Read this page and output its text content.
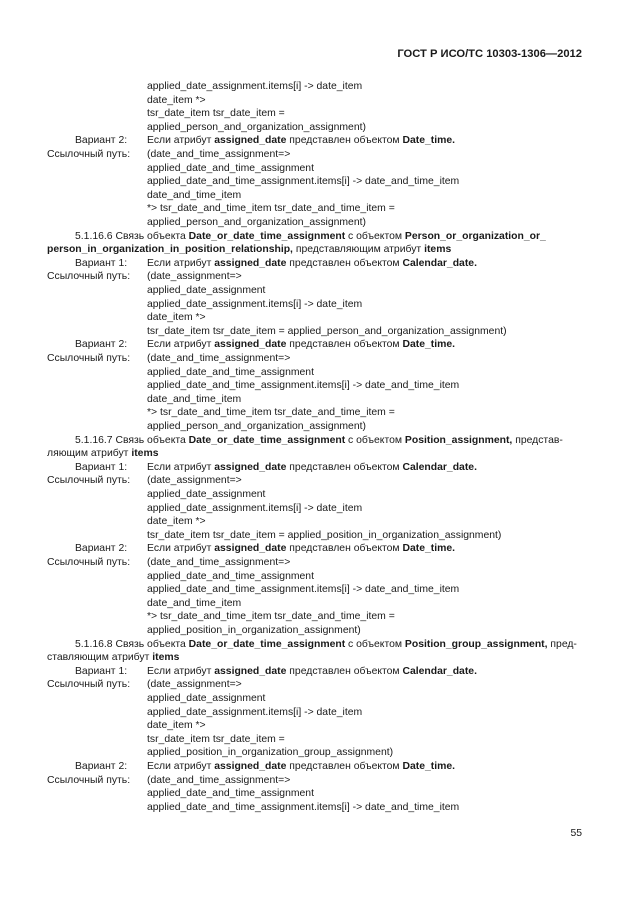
ГОСТ Р ИСО/ТС 10303-1306—2012
applied_date_assignment.items[i] -> date_item
date_item *>
tsr_date_item tsr_date_item =
applied_person_and_organization_assignment)
Вариант 2: Если атрибут assigned_date представлен объектом Date_time.
Ссылочный путь: (date_and_time_assignment=>
applied_date_and_time_assignment
applied_date_and_time_assignment.items[i] -> date_and_time_item
date_and_time_item
*> tsr_date_and_time_item tsr_date_and_time_item =
applied_person_and_organization_assignment)
5.1.16.6 Связь объекта Date_or_date_time_assignment с объектом Person_or_organization_or_
person_in_organization_in_position_relationship, представляющим атрибут items
Вариант 1: Если атрибут assigned_date представлен объектом Calendar_date.
Ссылочный путь: (date_assignment=>
applied_date_assignment
applied_date_assignment.items[i] -> date_item
date_item *>
tsr_date_item tsr_date_item = applied_person_and_organization_assignment)
Вариант 2: Если атрибут assigned_date представлен объектом Date_time.
Ссылочный путь: (date_and_time_assignment=>
applied_date_and_time_assignment
applied_date_and_time_assignment.items[i] -> date_and_time_item
date_and_time_item
*> tsr_date_and_time_item tsr_date_and_time_item =
applied_person_and_organization_assignment)
5.1.16.7 Связь объекта Date_or_date_time_assignment с объектом Position_assignment, представ-
ляющим атрибут items
Вариант 1: Если атрибут assigned_date представлен объектом Calendar_date.
Ссылочный путь: (date_assignment=>
applied_date_assignment
applied_date_assignment.items[i] -> date_item
date_item *>
tsr_date_item tsr_date_item = applied_position_in_organization_assignment)
Вариант 2: Если атрибут assigned_date представлен объектом Date_time.
Ссылочный путь: (date_and_time_assignment=>
applied_date_and_time_assignment
applied_date_and_time_assignment.items[i] -> date_and_time_item
date_and_time_item
*> tsr_date_and_time_item tsr_date_and_time_item =
applied_position_in_organization_assignment)
5.1.16.8 Связь объекта Date_or_date_time_assignment с объектом Position_group_assignment, пред-
ставляющим атрибут items
Вариант 1: Если атрибут assigned_date представлен объектом Calendar_date.
Ссылочный путь: (date_assignment=>
applied_date_assignment
applied_date_assignment.items[i] -> date_item
date_item *>
tsr_date_item tsr_date_item =
applied_position_in_organization_group_assignment)
Вариант 2: Если атрибут assigned_date представлен объектом Date_time.
Ссылочный путь: (date_and_time_assignment=>
applied_date_and_time_assignment
applied_date_and_time_assignment.items[i] -> date_and_time_item
55
